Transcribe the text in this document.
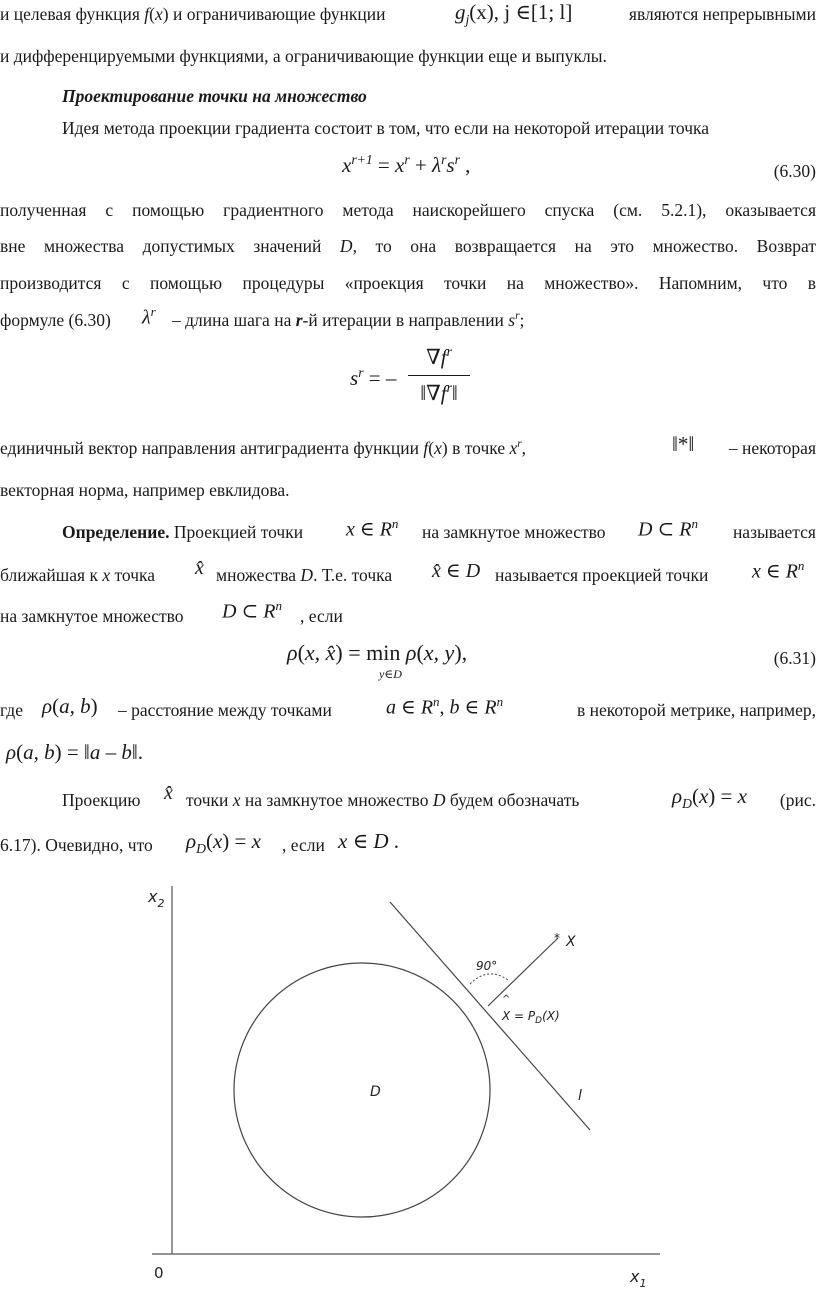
и целевая функция f(x) и ограничивающие функции	$g_j(x)$, j ∈[1; l]	являются непрерывными
и дифференцируемыми функциями, а ограничивающие функции еще и выпуклы.
Проектирование точки на множество
Идея метода проекции градиента состоит в том, что если на некоторой итерации точка
$x^{r+1} = x^r + \lambda^rs^r$ ,	(6.30)
полученная с помощью градиентного метода наискорейшего спуска (см. 5.2.1), оказывается
вне множества допустимых значений D, то она возвращается на это множество. Возврат
производится с помощью процедуры «проекция точки на множество». Напомним, что в
формуле (6.30)	$\lambda^r$ – длина шага на r-й итерации в направлении $s^r$;
$s^r$ = –
$\nabla f^r$
$‖\nabla f^r‖$
единичный вектор направления антиградиента функции f(x) в точке $x^r$,	‖*‖ – некоторая
векторная норма, например евклидова.
Определение. Проекцией точки x ∈ $R^n$ на замкнутое множество D ⊂ $R^n$ называется
ближайшая к x точка x̂ множества D. Т.е. точка x̂ ∈ D называется проекцией точки x ∈ $R^n$
на замкнутое множество D ⊂ $R^n$
, если
ρ(x, x̂) = min ρ(x, y),
y∈D
(6.31)
где ρ(a, b) – расстояние между точками	a ∈ $R^n$, b ∈ $R^n$	в некоторой метрике, например,
ρ(a, b) = ‖a – b‖.
Проекцию x̂ точки x на замкнутое множество D будем обозначать	$\rho_D(x) = x$ (рис.
6.17). Очевидно, что $\rho_D(x) = x$ , если x ∈ D .
$x_2$
$x_1$
0
D	l
* X
90°
^
$X = P_D(X)$
